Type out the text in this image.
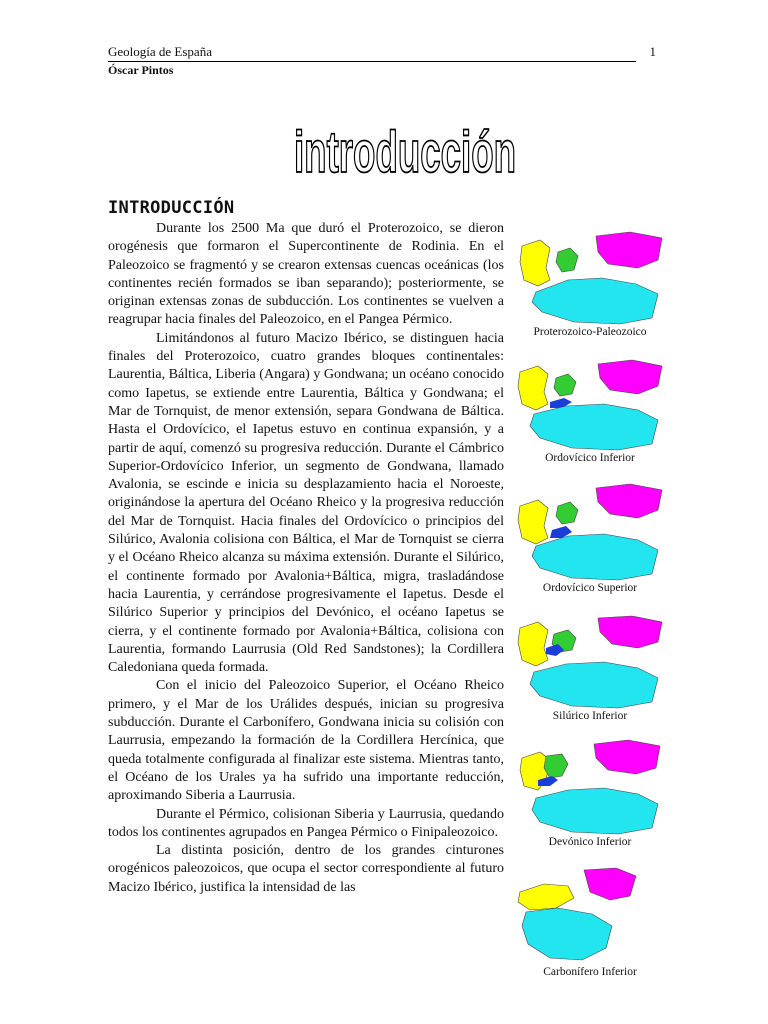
Geología de España	1
Óscar Pintos
introducción
INTRODUCCIÓN

Durante los 2500 Ma que duró el Proterozoico, se dieron orogénesis que formaron el Supercontinente de Rodinia. En el Paleozoico se fragmentó y se crearon extensas cuencas oceánicas (los continentes recién formados se iban separando); posteriormente, se originan extensas zonas de subducción. Los continentes se vuelven a reagrupar hacia finales del Paleozoico, en el Pangea Pérmico.

Limitándonos al futuro Macizo Ibérico, se distinguen hacia finales del Proterozoico, cuatro grandes bloques continentales: Laurentia, Báltica, Liberia (Angara) y Gondwana; un océano conocido como Iapetus, se extiende entre Laurentia, Báltica y Gondwana; el Mar de Tornquist, de menor extensión, separa Gondwana de Báltica. Hasta el Ordovícico, el Iapetus estuvo en continua expansión, y a partir de aquí, comenzó su progresiva reducción. Durante el Cámbrico Superior-Ordovícico Inferior, un segmento de Gondwana, llamado Avalonia, se escinde e inicia su desplazamiento hacia el Noroeste, originándose la apertura del Océano Rheico y la progresiva reducción del Mar de Tornquist. Hacia finales del Ordovícico o principios del Silúrico, Avalonia colisiona con Báltica, el Mar de Tornquist se cierra y el Océano Rheico alcanza su máxima extensión. Durante el Silúrico, el continente formado por Avalonia+Báltica, migra, trasladándose hacia Laurentia, y cerrándose progresivamente el Iapetus. Desde el Silúrico Superior y principios del Devónico, el océano Iapetus se cierra, y el continente formado por Avalonia+Báltica, colisiona con Laurentia, formando Laurrusia (Old Red Sandstones); la Cordillera Caledoniana queda formada.

Con el inicio del Paleozoico Superior, el Océano Rheico primero, y el Mar de los Urálides después, inician su progresiva subducción. Durante el Carbonífero, Gondwana inicia su colisión con Laurrusia, empezando la formación de la Cordillera Hercínica, que queda totalmente configurada al finalizar este sistema. Mientras tanto, el Océano de los Urales ya ha sufrido una importante reducción, aproximando Siberia a Laurrusia.

Durante el Pérmico, colisionan Siberia y Laurrusia, quedando todos los continentes agrupados en Pangea Pérmico o Finipaleozoico.

La distinta posición, dentro de los grandes cinturones orogénicos paleozoicos, que ocupa el sector correspondiente al futuro Macizo Ibérico, justifica la intensidad de las

Proterozoico-Paleozoico
Ordovícico Inferior
Ordovícico Superior
Silúrico Inferior
Devónico Inferior
Carbonífero Inferior
